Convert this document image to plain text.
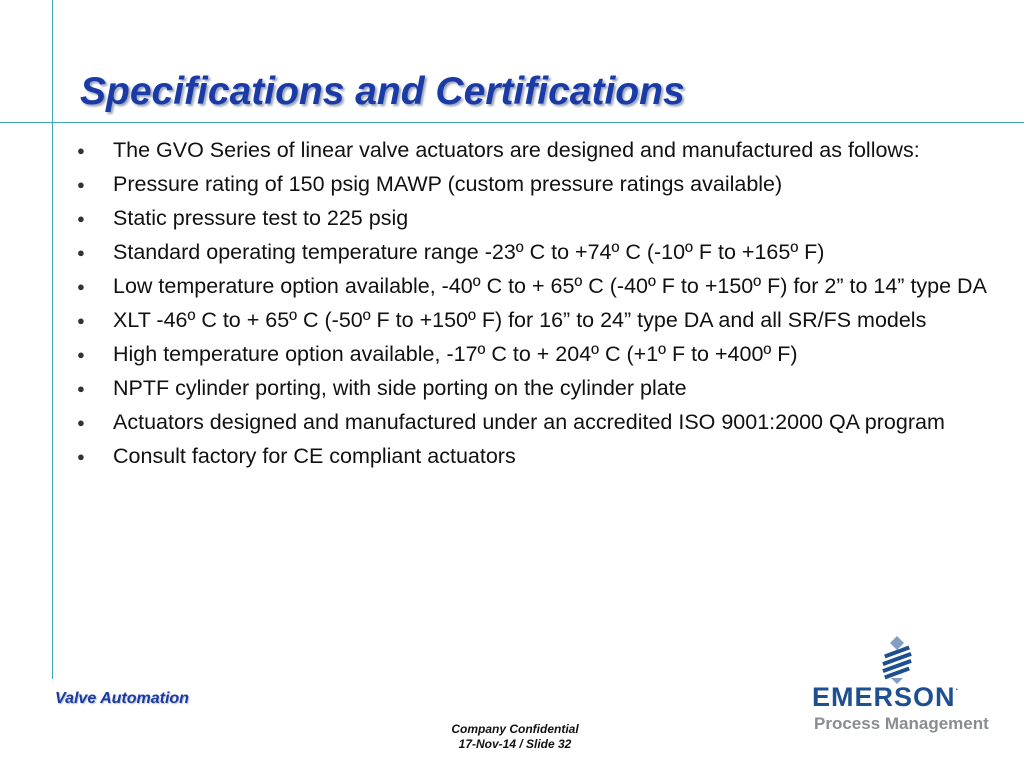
Specifications and Certifications
● The GVO Series of linear valve actuators are designed and manufactured as follows:
● Pressure rating of 150 psig MAWP (custom pressure ratings available)
● Static pressure test to 225 psig
● Standard operating temperature range -23º C to +74º C (-10º F to +165º F)
● Low temperature option available, -40º C to + 65º C (-40º F to +150º F) for 2” to 14” type DA
● XLT -46º C to + 65º C (-50º F to +150º F) for 16” to 24” type DA and all SR/FS models
● High temperature option available, -17º C to + 204º C (+1º F to +400º F)
● NPTF cylinder porting, with side porting on the cylinder plate
● Actuators designed and manufactured under an accredited ISO 9001:2000 QA program
● Consult factory for CE compliant actuators
Valve Automation
Company Confidential
17-Nov-14 / Slide 32
EMERSON.
Process Management
